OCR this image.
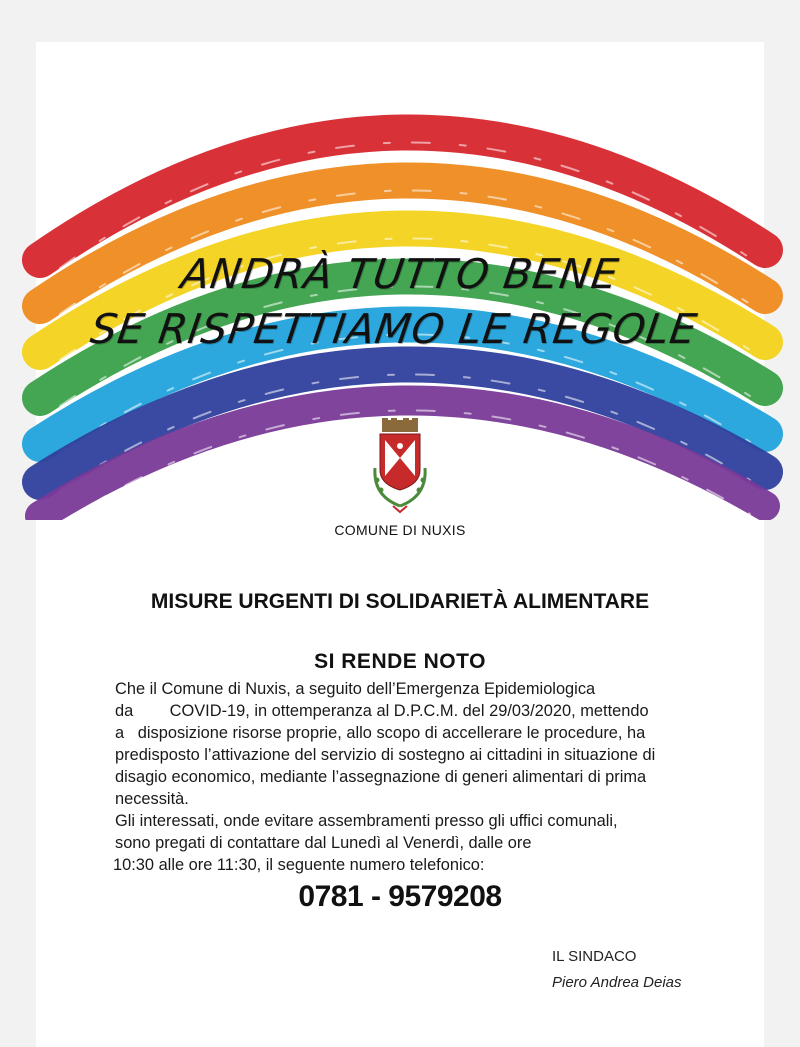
ANDRÀ TUTTO BENE
SE RISPETTIAMO LE REGOLE
COMUNE DI NUXIS
MISURE URGENTI DI SOLIDARIETÀ ALIMENTARE
SI RENDE NOTO
Che il Comune di Nuxis, a seguito dell’Emergenza Epidemiologica
da        COVID-19, in ottemperanza al D.P.C.M. del 29/03/2020, mettendo
a   disposizione risorse proprie, allo scopo di accellerare le procedure, ha
predisposto l’attivazione del servizio di sostegno ai cittadini in situazione di
disagio economico, mediante l’assegnazione di generi alimentari di prima
necessità.
Gli interessati, onde evitare assembramenti presso gli uffici comunali,
sono pregati di contattare dal Lunedì al Venerdì, dalle ore
10:30 alle ore 11:30, il seguente numero telefonico:
0781 - 9579208
IL SINDACO
Piero Andrea Deias
